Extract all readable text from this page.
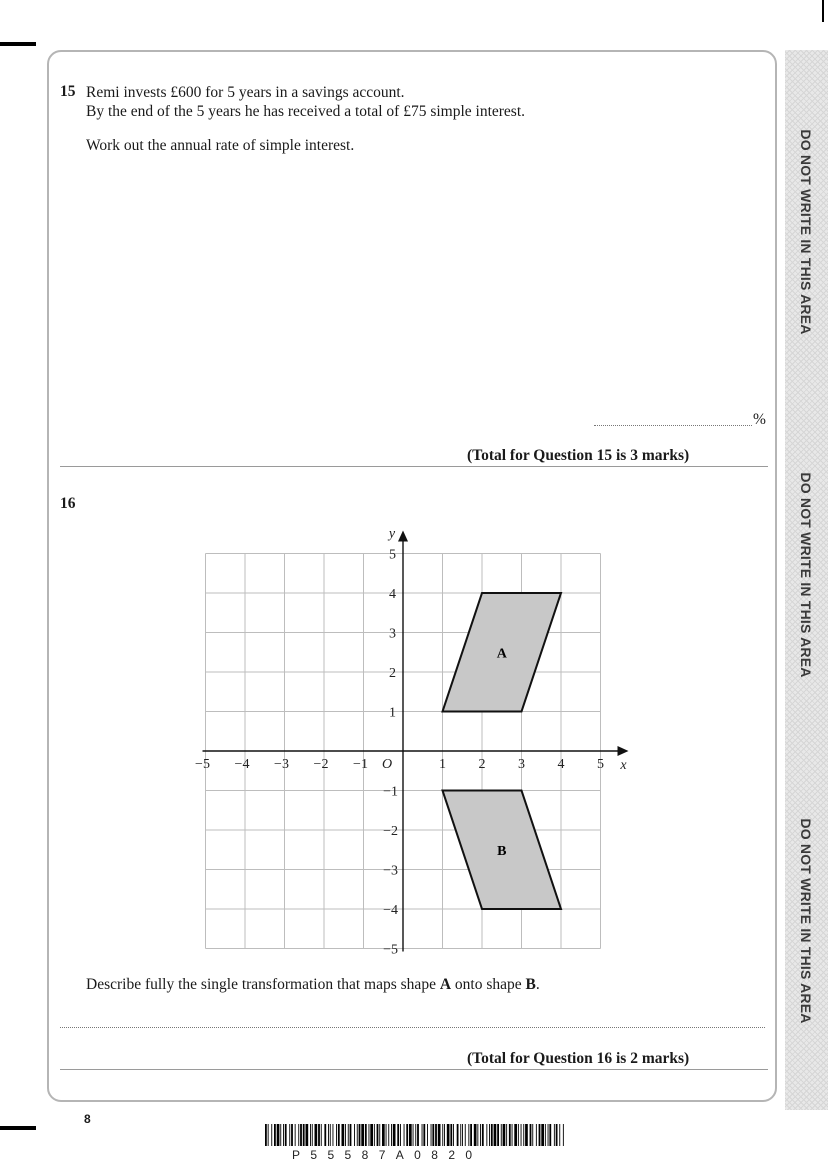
DO NOT WRITE IN THIS AREA
DO NOT WRITE IN THIS AREA
DO NOT WRITE IN THIS AREA
15 Remi invests £600 for 5 years in a savings account.
By the end of the 5 years he has received a total of £75 simple interest.
Work out the annual rate of simple interest.
%
(Total for Question 15 is 3 marks)
16
A
B
−5 −4 −3 −2 −1	1 2 3 4 5
1
2
3
4
5
−1
−2
−3
−4
−5
O	x
y
Describe fully the single transformation that maps shape A onto shape B.
(Total for Question 16 is 2 marks)
8
P55587A0820
